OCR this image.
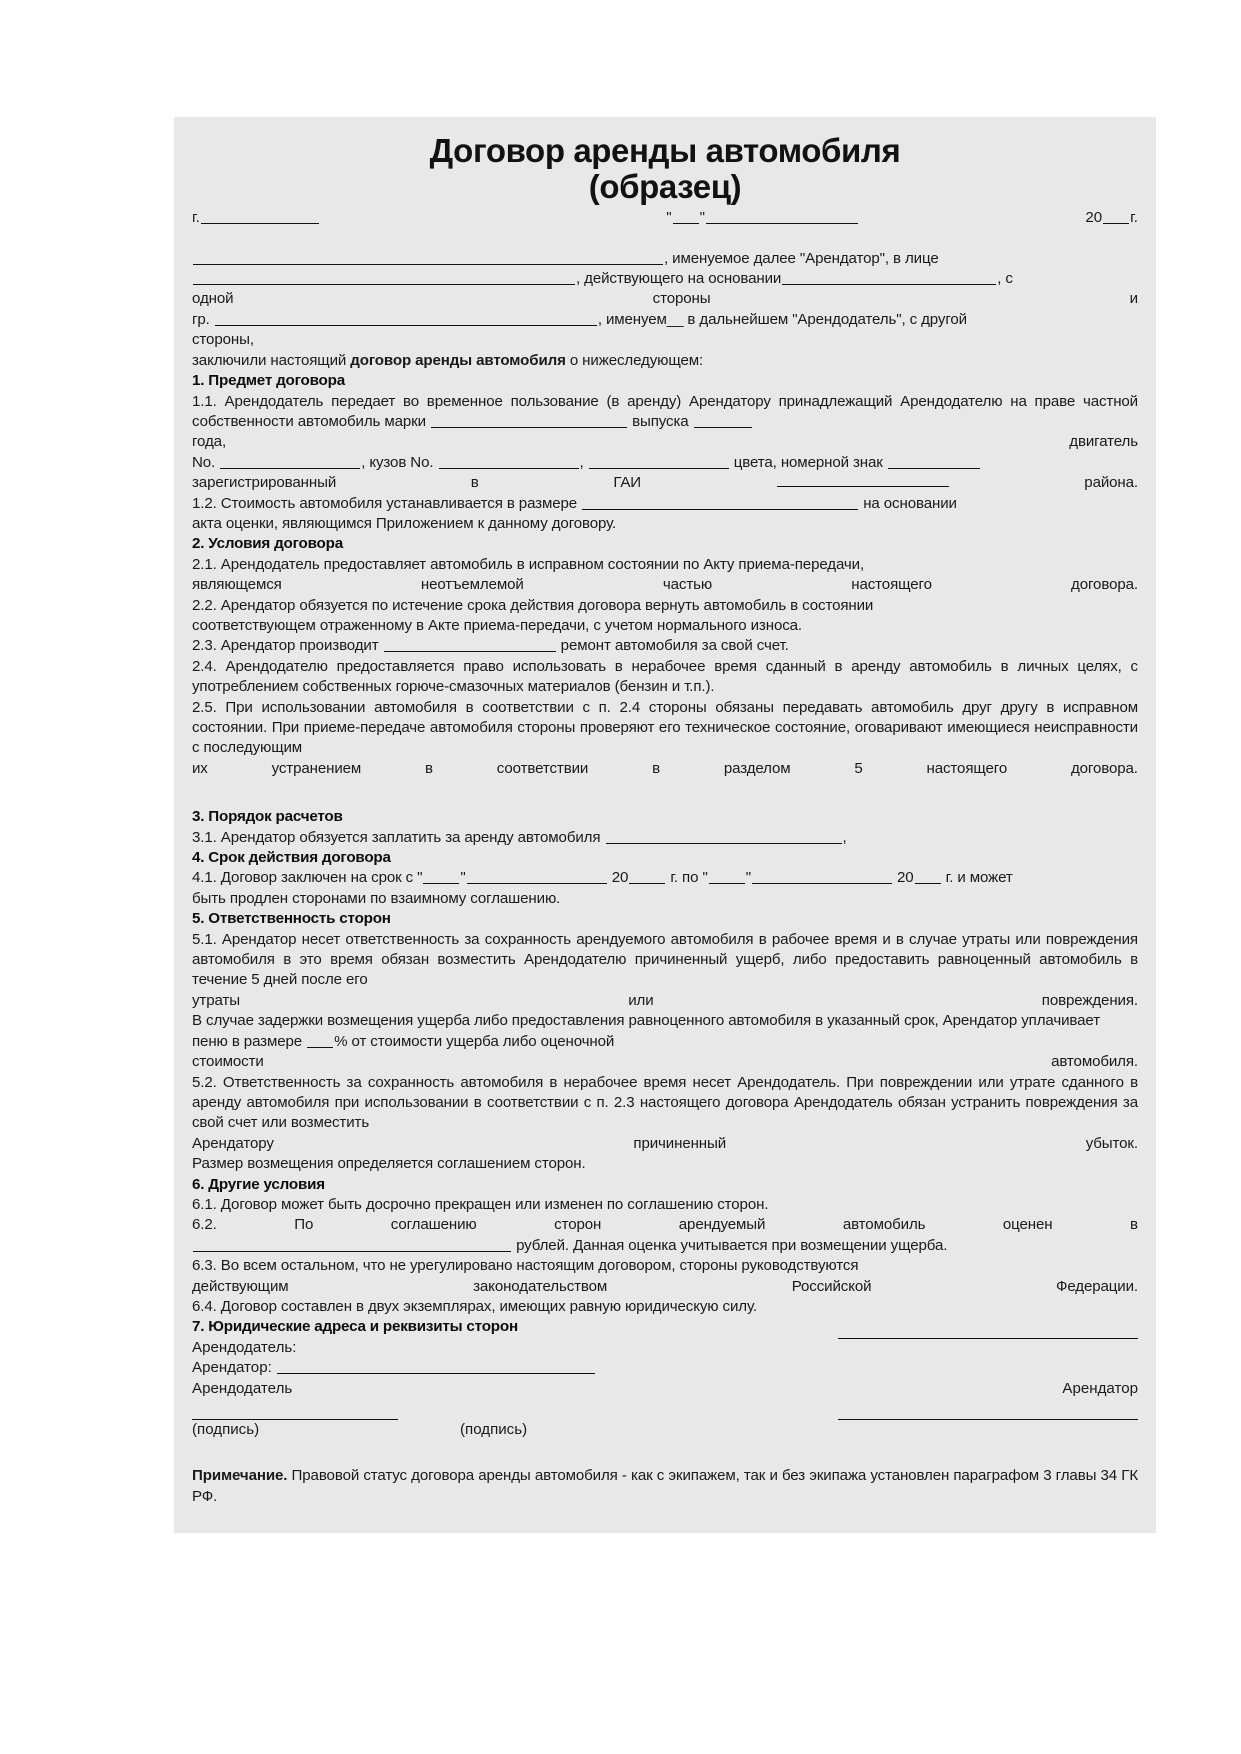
Договор аренды автомобиля
(образец)
г.	" "	20 г.

, именуемое далее "Арендатор", в лице

, действующего на основании	, с

одной	стороны	и

гр.	, именуем__ в дальнейшем "Арендодатель", с другой

стороны,

заключили настоящий договор аренды автомобиля о нижеследующем:

1. Предмет договора

1.1. Арендодатель передает во временное пользование (в аренду) Арендатору принадлежащий Арендодателю на праве частной собственности автомобиль марки	выпуска

года,	двигатель

No.	, кузов No.	,	цвета, номерной знак

зарегистрированный	в	ГАИ	района.

1.2. Стоимость автомобиля устанавливается в размере	на основании

акта оценки, являющимся Приложением к данному договору.

2. Условия договора

2.1. Арендодатель предоставляет автомобиль в исправном состоянии по Акту приема-передачи,

являющемся	неотъемлемой	частью	настоящего	договора.

2.2. Арендатор обязуется по истечение срока действия договора вернуть автомобиль в состоянии

соответствующем отраженному в Акте приема-передачи, с учетом нормального износа.

2.3. Арендатор производит	ремонт автомобиля за свой счет.

2.4. Арендодателю предоставляется право использовать в нерабочее время сданный в аренду автомобиль в личных целях, с употреблением собственных горюче-смазочных материалов (бензин и т.п.).

2.5. При использовании автомобиля в соответствии с п. 2.4 стороны обязаны передавать автомобиль друг другу в исправном состоянии. При приеме-передаче автомобиля стороны проверяют его техническое состояние, оговаривают имеющиеся неисправности с последующим

их	устранением	в	соответствии	в	разделом	5	настоящего	договора.

3. Порядок расчетов

3.1. Арендатор обязуется заплатить за аренду автомобиля	,

4. Срок действия договора

4.1. Договор заключен на срок с "	"	20	г. по "	"	20 г. и может

быть продлен сторонами по взаимному соглашению.

5. Ответственность сторон

5.1. Арендатор несет ответственность за сохранность арендуемого автомобиля в рабочее время и в случае утраты или повреждения автомобиля в это время обязан возместить Арендодателю причиненный ущерб, либо предоставить равноценный автомобиль в течение 5 дней после его

утраты	или	повреждения.

В случае задержки возмещения ущерба либо предоставления равноценного автомобиля в указанный срок, Арендатор уплачивает пеню в размере % от стоимости ущерба либо оценочной

стоимости	автомобиля.

5.2. Ответственность за сохранность автомобиля в нерабочее время несет Арендодатель. При повреждении или утрате сданного в аренду автомобиля при использовании в соответствии с п. 2.3 настоящего договора Арендодатель обязан устранить повреждения за свой счет или возместить

Арендатору	причиненный	убыток.

Размер возмещения определяется соглашением сторон.

6. Другие условия

6.1. Договор может быть досрочно прекращен или изменен по соглашению сторон.

6.2.	По	соглашению	сторон	арендуемый	автомобиль	оценен	в

рублей. Данная оценка учитывается при возмещении ущерба.

6.3. Во всем остальном, что не урегулировано настоящим договором, стороны руководствуются

действующим	законодательством	Российской	Федерации.

6.4. Договор составлен в двух экземплярах, имеющих равную юридическую силу.

7. Юридические адреса и реквизиты сторон

Арендодатель:
Арендатор:
Арендодатель	Арендатор
(подпись)	(подпись)

Примечание. Правовой статус договора аренды автомобиля - как с экипажем, так и без экипажа установлен параграфом 3 главы 34 ГК РФ.
